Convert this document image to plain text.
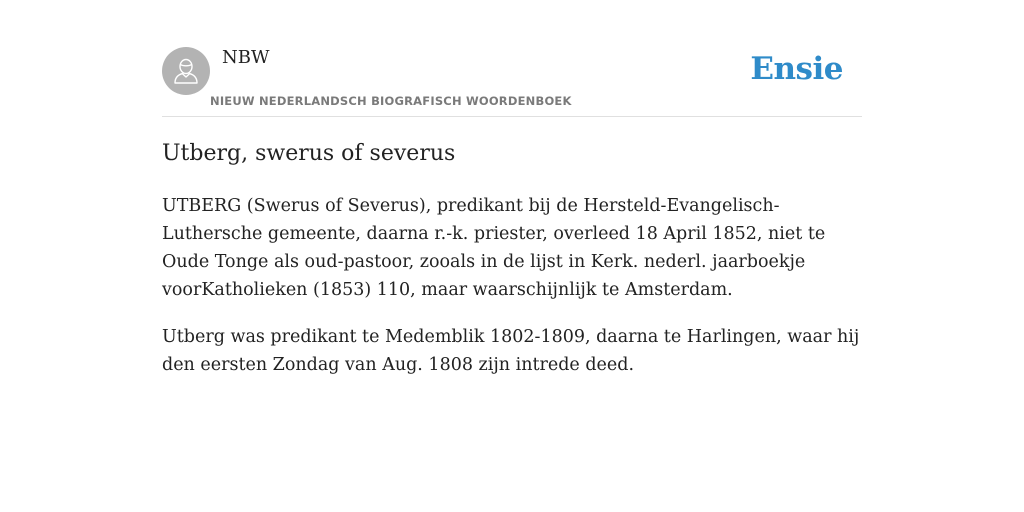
NBW
NIEUW NEDERLANDSCH BIOGRAFISCH WOORDENBOEK
Ensie
Utberg, swerus of severus

UTBERG (Swerus of Severus), predikant bij de Hersteld-Evangelisch-Luthersche gemeente, daarna r.-k. priester, overleed 18 April 1852, niet te Oude Tonge als oud-pastoor, zooals in de lijst in Kerk. nederl. jaarboekje voorKatholieken (1853) 110, maar waarschijnlijk te Amsterdam.

Utberg was predikant te Medemblik 1802-1809, daarna te Harlingen, waar hij den eersten Zondag van Aug. 1808 zijn intrede deed.
